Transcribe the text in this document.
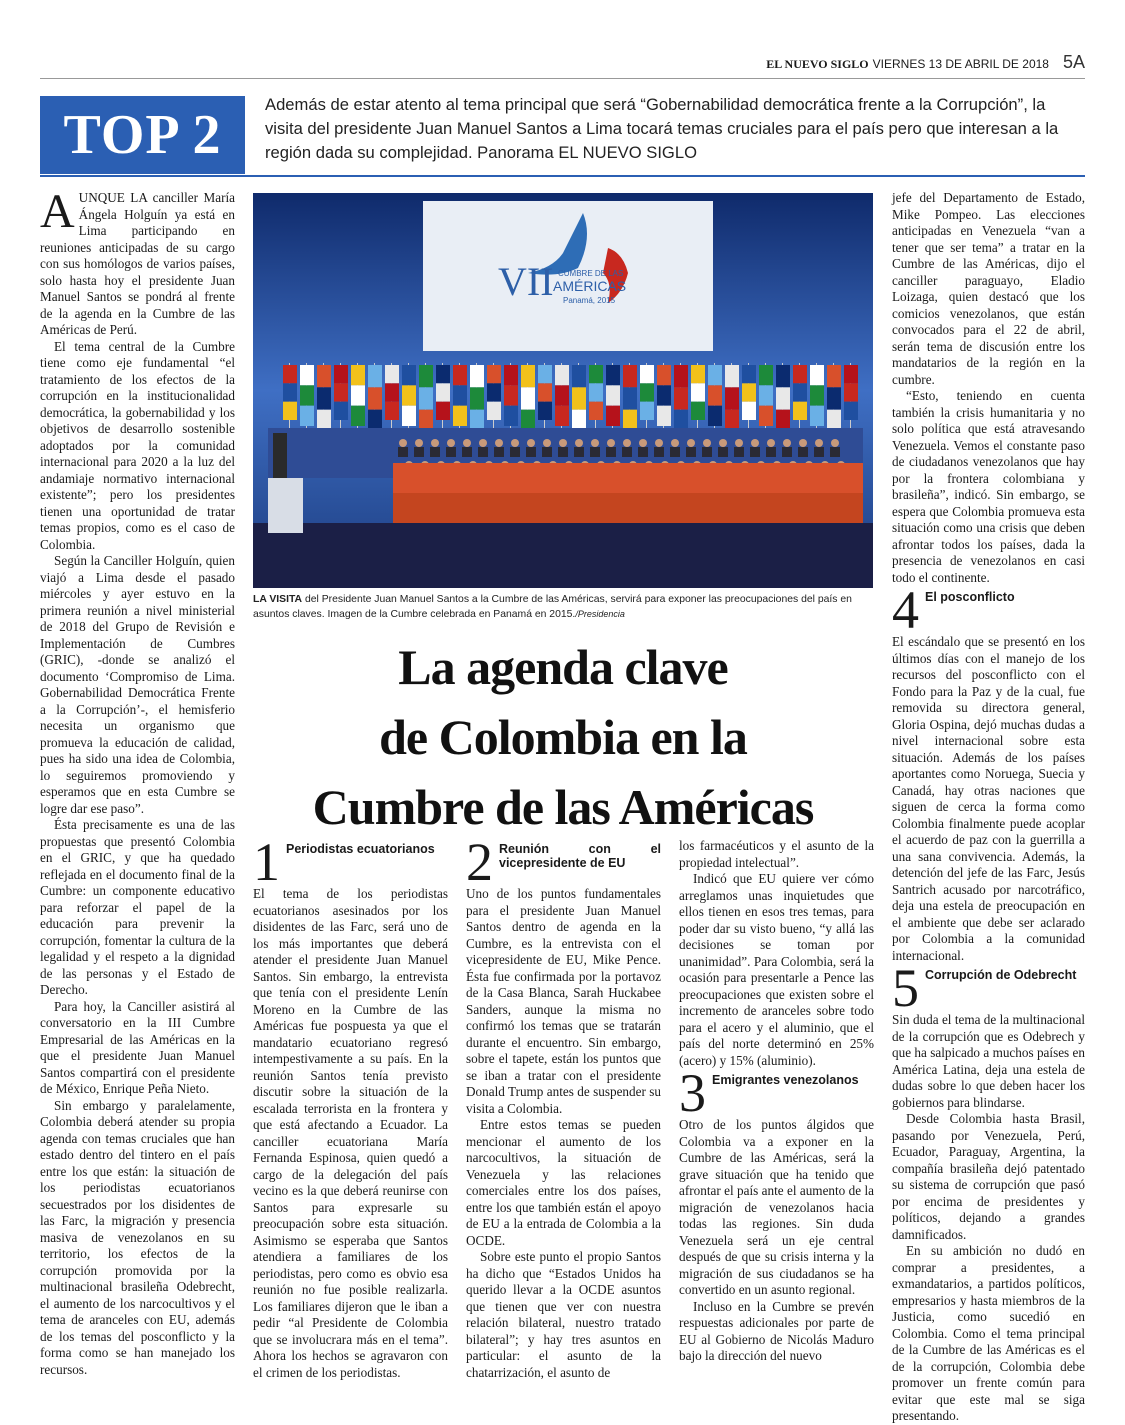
EL NUEVO SIGLO VIERNES 13 DE ABRIL DE 2018 5A
TOP 2	Además de estar atento al tema principal que será “Gobernabilidad democrática frente a la Corrupción”, la visita del presidente Juan Manuel Santos a Lima tocará temas cruciales para el país pero que interesan a la región dada su complejidad. Panorama EL NUEVO SIGLO

AUNQUE LA canciller María Ángela Holguín ya está en Lima participando en reuniones anticipadas de su cargo con sus homólogos de varios países, solo hasta hoy el presidente Juan Manuel Santos se pondrá al frente de la agenda en la Cumbre de las Américas de Perú.

El tema central de la Cumbre tiene como eje fundamental “el tratamiento de los efectos de la corrupción en la institucionalidad democrática, la gobernabilidad y los objetivos de desarrollo sostenible adoptados por la comunidad internacional para 2020 a la luz del andamiaje normativo internacional existente”; pero los presidentes tienen una oportunidad de tratar temas propios, como es el caso de Colombia.

Según la Canciller Holguín, quien viajó a Lima desde el pasado miércoles y ayer estuvo en la primera reunión a nivel ministerial de 2018 del Grupo de Revisión e Implementación de Cumbres (GRIC), -donde se analizó el documento ‘Compromiso de Lima. Gobernabilidad Democrática Frente a la Corrupción’-, el hemisferio necesita un organismo que promueva la educación de calidad, pues ha sido una idea de Colombia, lo seguiremos promoviendo y esperamos que en esta Cumbre se logre dar ese paso”.

Ésta precisamente es una de las propuestas que presentó Colombia en el GRIC, y que ha quedado reflejada en el documento final de la Cumbre: un componente educativo para reforzar el papel de la educación para prevenir la corrupción, fomentar la cultura de la legalidad y el respeto a la dignidad de las personas y el Estado de Derecho.

Para hoy, la Canciller asistirá al conversatorio en la III Cumbre Empresarial de las Américas en la que el presidente Juan Manuel Santos compartirá con el presidente de México, Enrique Peña Nieto.

Sin embargo y paralelamente, Colombia deberá atender su propia agenda con temas cruciales que han estado dentro del tintero en el país entre los que están: la situación de los periodistas ecuatorianos secuestrados por los disidentes de las Farc, la migración y presencia masiva de venezolanos en su territorio, los efectos de la corrupción promovida por la multinacional brasileña Odebrecht, el aumento de los narcocultivos y el tema de aranceles con EU, además de los temas del posconflicto y la forma como se han manejado los recursos.

VII CUMBRE DE LAS
AMÉRICAS
Panamá, 2015
LA VISITA del Presidente Juan Manuel Santos a la Cumbre de las Américas, servirá para exponer las preocupaciones del país en asuntos claves. Imagen de la Cumbre celebrada en Panamá en 2015./Presidencia
La agenda clave
de Colombia en la
Cumbre de las Américas
1 Periodistas ecuatorianos

El tema de los periodistas ecuatorianos asesinados por los disidentes de las Farc, será uno de los más importantes que deberá atender el presidente Juan Manuel Santos. Sin embargo, la entrevista que tenía con el presidente Lenín Moreno en la Cumbre de las Américas fue pospuesta ya que el mandatario ecuatoriano regresó intempestivamente a su país. En la reunión Santos tenía previsto discutir sobre la situación de la escalada terrorista en la frontera y que está afectando a Ecuador. La canciller ecuatoriana María Fernanda Espinosa, quien quedó a cargo de la delegación del país vecino es la que deberá reunirse con Santos para expresarle su preocupación sobre esta situación. Asimismo se esperaba que Santos atendiera a familiares de los periodistas, pero como es obvio esa reunión no fue posible realizarla. Los familiares dijeron que le iban a pedir “al Presidente de Colombia que se involucrara más en el tema”. Ahora los hechos se agravaron con el crimen de los periodistas.

2 Reunión con el vicepresidente de EU

Uno de los puntos fundamentales para el presidente Juan Manuel Santos dentro de agenda en la Cumbre, es la entrevista con el vicepresidente de EU, Mike Pence. Ésta fue confirmada por la portavoz de la Casa Blanca, Sarah Huckabee Sanders, aunque la misma no confirmó los temas que se tratarán durante el encuentro. Sin embargo, sobre el tapete, están los puntos que se iban a tratar con el presidente Donald Trump antes de suspender su visita a Colombia.

Entre estos temas se pueden mencionar el aumento de los narcocultivos, la situación de Venezuela y las relaciones comerciales entre los dos países, entre los que también están el apoyo de EU a la entrada de Colombia a la OCDE.

Sobre este punto el propio Santos ha dicho que “Estados Unidos ha querido llevar a la OCDE asuntos que tienen que ver con nuestra relación bilateral, nuestro tratado bilateral”; y hay tres asuntos en particular: el asunto de la chatarrización, el asunto de

los farmacéuticos y el asunto de la propiedad intelectual”.

Indicó que EU quiere ver cómo arreglamos unas inquietudes que ellos tienen en esos tres temas, para poder dar su visto bueno, “y allá las decisiones se toman por unanimidad”. Para Colombia, será la ocasión para presentarle a Pence las preocupaciones que existen sobre el incremento de aranceles sobre todo para el acero y el aluminio, que el país del norte determinó en 25% (acero) y 15% (aluminio).

3 Emigrantes venezolanos

Otro de los puntos álgidos que Colombia va a exponer en la Cumbre de las Américas, será la grave situación que ha tenido que afrontar el país ante el aumento de la migración de venezolanos hacia todas las regiones. Sin duda Venezuela será un eje central después de que su crisis interna y la migración de sus ciudadanos se ha convertido en un asunto regional.

Incluso en la Cumbre se prevén respuestas adicionales por parte de EU al Gobierno de Nicolás Maduro bajo la dirección del nuevo

jefe del Departamento de Estado, Mike Pompeo. Las elecciones anticipadas en Venezuela “van a tener que ser tema” a tratar en la Cumbre de las Américas, dijo el canciller paraguayo, Eladio Loizaga, quien destacó que los comicios venezolanos, que están convocados para el 22 de abril, serán tema de discusión entre los mandatarios de la región en la cumbre.

“Esto, teniendo en cuenta también la crisis humanitaria y no solo política que está atravesando Venezuela. Vemos el constante paso de ciudadanos venezolanos que hay por la frontera colombiana y brasileña”, indicó. Sin embargo, se espera que Colombia promueva esta situación como una crisis que deben afrontar todos los países, dada la presencia de venezolanos en casi todo el continente.

4 El posconflicto

El escándalo que se presentó en los últimos días con el manejo de los recursos del posconflicto con el Fondo para la Paz y de la cual, fue removida su directora general, Gloria Ospina, dejó muchas dudas a nivel internacional sobre esta situación. Además de los países aportantes como Noruega, Suecia y Canadá, hay otras naciones que siguen de cerca la forma como Colombia finalmente puede acoplar el acuerdo de paz con la guerrilla a una sana convivencia. Además, la detención del jefe de las Farc, Jesús Santrich acusado por narcotráfico, deja una estela de preocupación en el ambiente que debe ser aclarado por Colombia a la comunidad internacional.

5 Corrupción de Odebrecht

Sin duda el tema de la multinacional de la corrupción que es Odebrech y que ha salpicado a muchos países en América Latina, deja una estela de dudas sobre lo que deben hacer los gobiernos para blindarse.

Desde Colombia hasta Brasil, pasando por Venezuela, Perú, Ecuador, Paraguay, Argentina, la compañía brasileña dejó patentado su sistema de corrupción que pasó por encima de presidentes y políticos, dejando a grandes damnificados.

En su ambición no dudó en comprar a presidentes, a exmandatarios, a partidos políticos, empresarios y hasta miembros de la Justicia, como sucedió en Colombia. Como el tema principal de la Cumbre de las Américas es el de la corrupción, Colombia debe promover un frente común para evitar que este mal se siga presentando.
